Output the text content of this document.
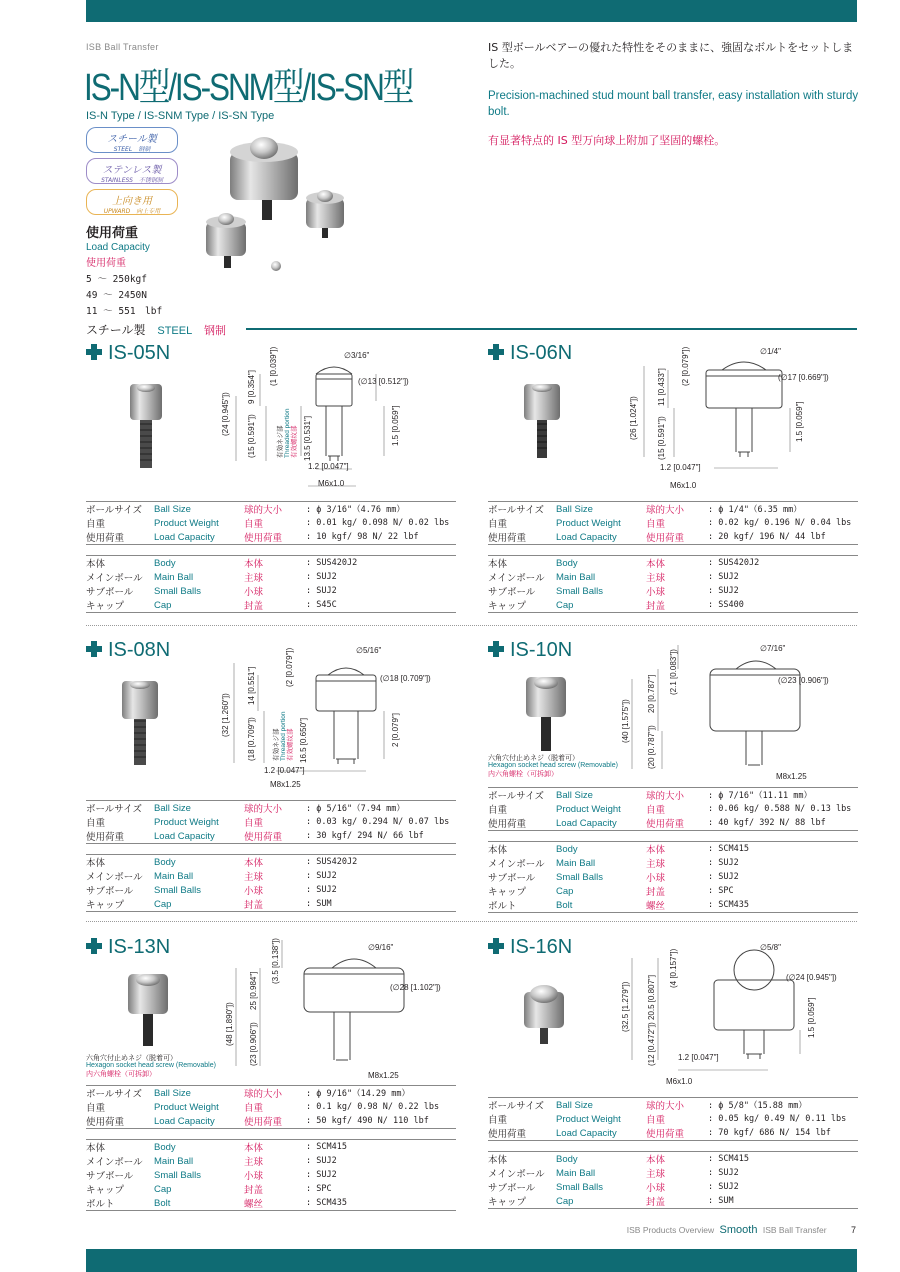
ISB Ball Transfer
IS-N型/IS-SNM型/IS-SN型
IS-N Type / IS-SNM Type / IS-SN Type

IS 型ボールベアーの優れた特性をそのままに、強固なボルトをセットしました。

Precision-machined stud mount ball transfer, easy installation with sturdy bolt.

有显著特点的 IS 型万向球上附加了坚固的螺栓。

スチール製
STEEL　钢制
ステンレス製
STAINLESS　不锈钢制
上向き用
UPWARD　向上专用
使用荷重
Load Capacity
使用荷重
5 ～ 250kgf
49 ～ 2450N
11 ～ 551　lbf
スチール製 STEEL 钢制
IS-05N	∅3/16"
(∅13 [0.512"])
(24 [0.945"])
9 [0.354"]
(1 [0.039"])
(15 [0.591"])	13.5 [0.531"]	1.5 [0.059"]
1.2 [0.047"]
M6x1.0
有効ネジ部 Threaded portion 有效螺纹部
ボールサイズ	Ball Size	球的大小	: ϕ 3/16"（4.76 mm）
自重	Product Weight	自重	: 0.01 kg/ 0.098 N/ 0.02 lbs
使用荷重	Load Capacity	使用荷重	: 10 kgf/ 98 N/ 22 lbf
本体	Body	本体	: SUS420J2
メインボール	Main Ball	主球	: SUJ2
サブボール	Small Balls	小球	: SUJ2
キャップ	Cap	封盖	: S45C
IS-06N	∅1/4"
(∅17 [0.669"])
(26 [1.024"])
11 [0.433"]
(2 [0.079"])
(15 [0.591"])	1.5 [0.059"]
1.2 [0.047"]
M6x1.0
ボールサイズ	Ball Size	球的大小	: ϕ 1/4"（6.35 mm）
自重	Product Weight	自重	: 0.02 kg/ 0.196 N/ 0.04 lbs
使用荷重	Load Capacity	使用荷重	: 20 kgf/ 196 N/ 44 lbf
本体	Body	本体	: SUS420J2
メインボール	Main Ball	主球	: SUJ2
サブボール	Small Balls	小球	: SUJ2
キャップ	Cap	封盖	: SS400
IS-08N	∅5/16"
(∅18 [0.709"])
(32 [1.260"])
14 [0.551"]	(2 [0.079"])
(18 [0.709"])	16.5 [0.650"]	2 [0.079"]
1.2 [0.047"]
M8x1.25
有効ネジ部 Threaded portion 有效螺纹部
ボールサイズ	Ball Size	球的大小	: ϕ 5/16"（7.94 mm）
自重	Product Weight	自重	: 0.03 kg/ 0.294 N/ 0.07 lbs
使用荷重	Load Capacity	使用荷重	: 30 kgf/ 294 N/ 66 lbf
本体	Body	本体	: SUS420J2
メインボール	Main Ball	主球	: SUJ2
サブボール	Small Balls	小球	: SUJ2
キャップ	Cap	封盖	: SUM
IS-10N
六角穴付止めネジ（脱着可）
Hexagon socket head screw (Removable)
内六角螺栓（可拆卸）
∅7/16"
(∅23 [0.906"])
(40 [1.575"])
20 [0.787"] (2.1 [0.083"])
(20 [0.787"])
M8x1.25
ボールサイズ	Ball Size	球的大小	: ϕ 7/16"（11.11 mm）
自重	Product Weight	自重	: 0.06 kg/ 0.588 N/ 0.13 lbs
使用荷重	Load Capacity	使用荷重	: 40 kgf/ 392 N/ 88 lbf
本体	Body	本体	: SCM415
メインボール	Main Ball	主球	: SUJ2
サブボール	Small Balls	小球	: SUJ2
キャップ	Cap	封盖	: SPC
ボルト	Bolt	螺丝	: SCM435
IS-13N
六角穴付止めネジ（脱着可）
Hexagon socket head screw (Removable)
内六角螺栓（可拆卸）
∅9/16"
(∅28 [1.102"])
(48 [1.890"])
25 [0.984"]
(3.5 [0.138"])
(23 [0.906"])
M8x1.25
ボールサイズ	Ball Size	球的大小	: ϕ 9/16"（14.29 mm）
自重	Product Weight	自重	: 0.1 kg/ 0.98 N/ 0.22 lbs
使用荷重	Load Capacity	使用荷重	: 50 kgf/ 490 N/ 110 lbf
本体	Body	本体	: SCM415
メインボール	Main Ball	主球	: SUJ2
サブボール	Small Balls	小球	: SUJ2
キャップ	Cap	封盖	: SPC
ボルト	Bolt	螺丝	: SCM435
IS-16N	∅5/8"
(∅24 [0.945"])
(32.5 [1.279"]) 20.5 [0.807"]
(4 [0.157"])
(12 [0.472"])
1.5 [0.059"]
1.2 [0.047"]
M6x1.0
ボールサイズ	Ball Size	球的大小	: ϕ 5/8"（15.88 mm）
自重	Product Weight	自重	: 0.05 kg/ 0.49 N/ 0.11 lbs
使用荷重	Load Capacity	使用荷重	: 70 kgf/ 686 N/ 154 lbf
本体	Body	本体	: SCM415
メインボール	Main Ball	主球	: SUJ2
サブボール	Small Balls	小球	: SUJ2
キャップ	Cap	封盖	: SUM
ISB Products Overview Smooth ISB Ball Transfer	7
